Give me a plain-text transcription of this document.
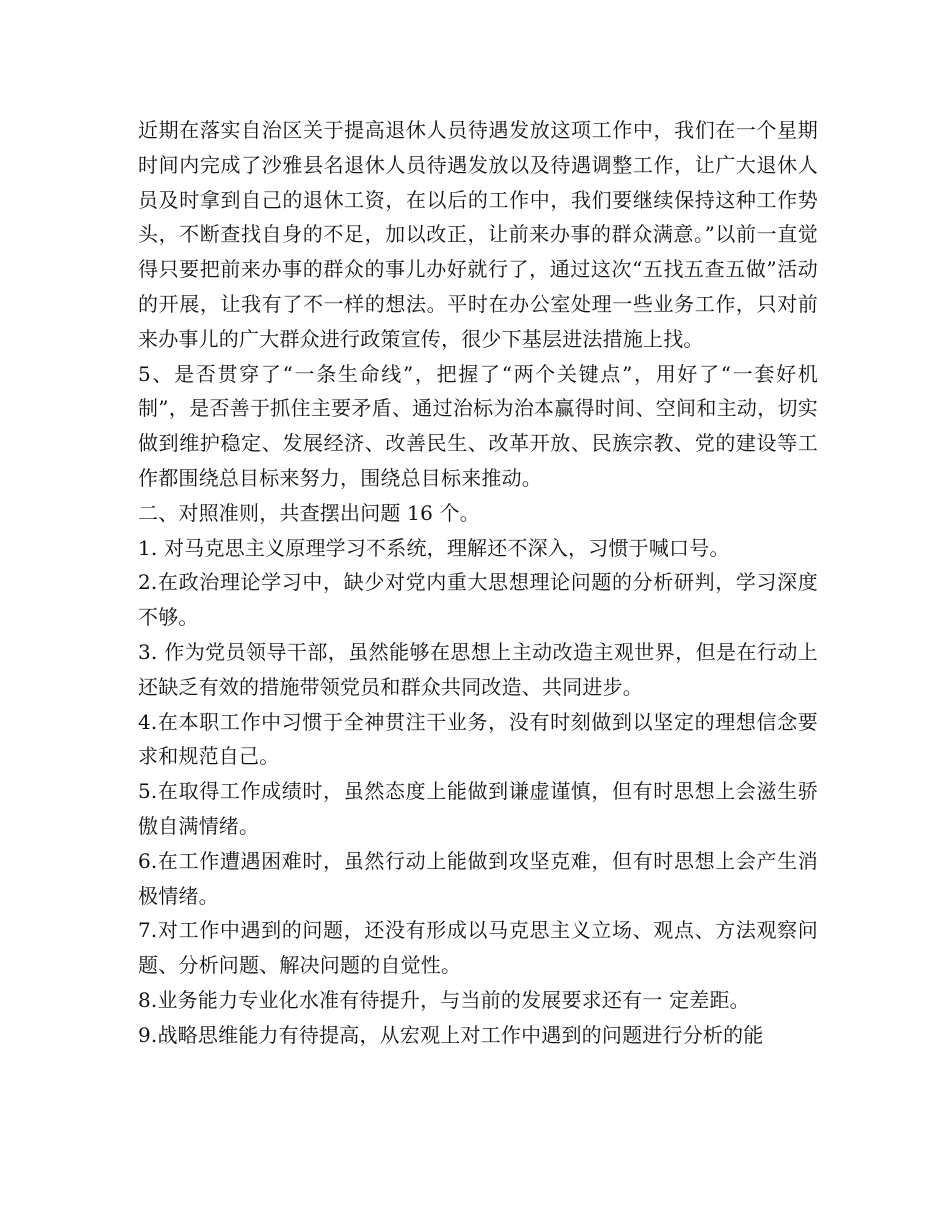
近期在落实自治区关于提高退休人员待遇发放这项工作中，我们在一个星期时间内完成了沙雅县名退休人员待遇发放以及待遇调整工作，让广大退休人员及时拿到自己的退休工资，在以后的工作中，我们要继续保持这种工作势头，不断查找自身的不足，加以改正，让前来办事的群众满意。”以前一直觉得只要把前来办事的群众的事儿办好就行了，通过这次“五找五查五做”活动的开展，让我有了不一样的想法。平时在办公室处理一些业务工作，只对前来办事儿的广大群众进行政策宣传，很少下基层进法措施上找。

5、是否贯穿了“一条生命线”，把握了“两个关键点”，用好了“一套好机制”，是否善于抓住主要矛盾、通过治标为治本赢得时间、空间和主动，切实做到维护稳定、发展经济、改善民生、改革开放、民族宗教、党的建设等工作都围绕总目标来努力，围绕总目标来推动。

二、对照准则，共查摆出问题 16 个。

1. 对马克思主义原理学习不系统，理解还不深入，习惯于喊口号。

2.在政治理论学习中，缺少对党内重大思想理论问题的分析研判，学习深度不够。

3. 作为党员领导干部，虽然能够在思想上主动改造主观世界，但是在行动上还缺乏有效的措施带领党员和群众共同改造、共同进步。

4.在本职工作中习惯于全神贯注干业务，没有时刻做到以坚定的理想信念要求和规范自己。

5.在取得工作成绩时，虽然态度上能做到谦虚谨慎，但有时思想上会滋生骄傲自满情绪。

6.在工作遭遇困难时，虽然行动上能做到攻坚克难，但有时思想上会产生消极情绪。

7.对工作中遇到的问题，还没有形成以马克思主义立场、观点、方法观察问题、分析问题、解决问题的自觉性。

8.业务能力专业化水准有待提升，与当前的发展要求还有一 定差距。

9.战略思维能力有待提高，从宏观上对工作中遇到的问题进行分析的能
